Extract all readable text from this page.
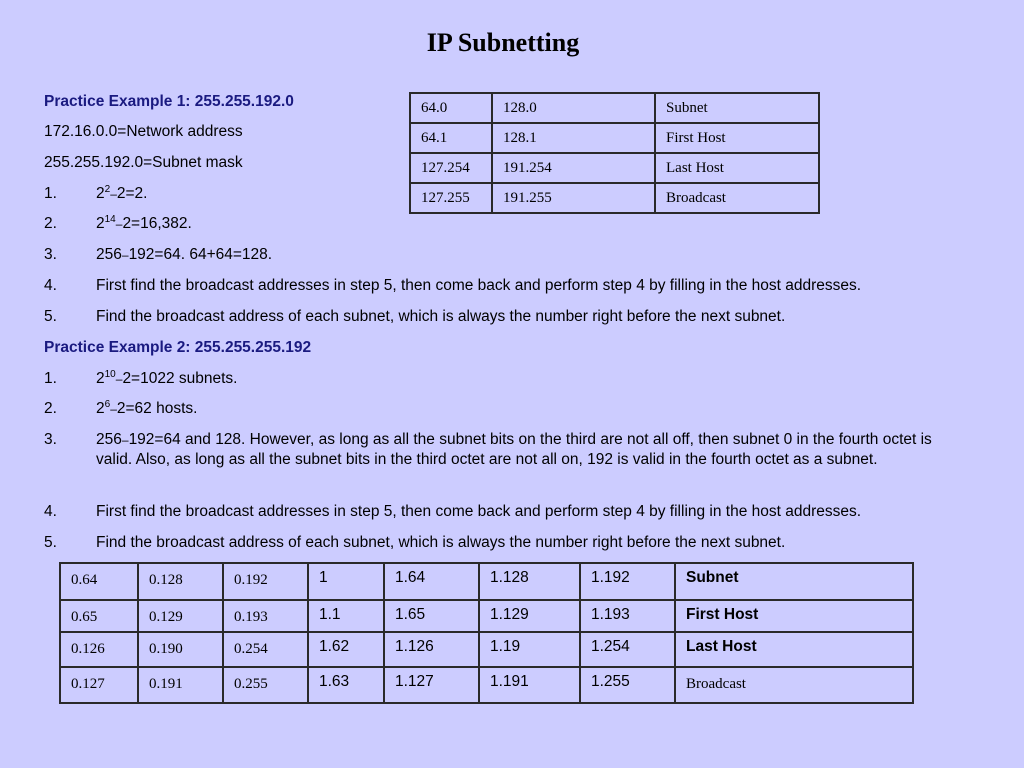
IP Subnetting
Practice Example 1: 255.255.192.0
172.16.0.0=Network address
255.255.192.0=Subnet mask
1.	$2^2-2=2$.
2.	$2^{14}-2=16,382$.
3.	256–192=64. 64+64=128.
4.	First find the broadcast addresses in step 5, then come back and perform step 4 by filling in the host addresses.
5.	Find the broadcast address of each subnet, which is always the number right before the next subnet.
64.0	128.0	Subnet
64.1	128.1	First Host
127.254	191.254	Last Host
127.255	191.255	Broadcast
Practice Example 2: 255.255.255.192
1.	$2^{10}-2=1022$ subnets.
2.	$2^6-2=62$ hosts.
3.	256–192=64 and 128. However, as long as all the subnet bits on the third are not all off, then subnet 0 in the fourth octet is valid. Also, as long as all the subnet bits in the third octet are not all on, 192 is valid in the fourth octet as a subnet.
4.	First find the broadcast addresses in step 5, then come back and perform step 4 by filling in the host addresses.
5.	Find the broadcast address of each subnet, which is always the number right before the next subnet.
0.64	0.128	0.192	1	1.64	1.128	1.192	Subnet
0.65	0.129	0.193	1.1	1.65	1.129	1.193	First Host
0.126	0.190	0.254	1.62	1.126	1.19	1.254	Last Host
0.127	0.191	0.255	1.63	1.127	1.191	1.255	Broadcast
